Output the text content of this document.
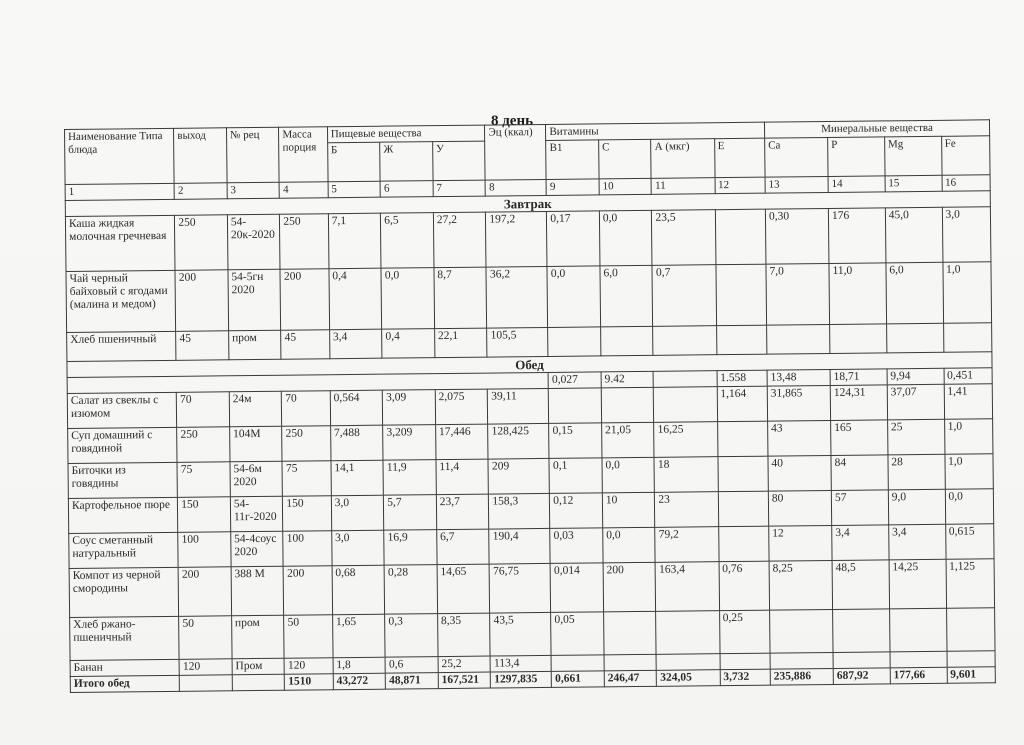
8 день
Наименование Типа блюда	выход	№ рец	Масса порция	Пищевые вещества			Эц (ккал)	Витамины				Минеральные вещества			
				Б	Ж	У		В1	С	А (мкг)	Е	Са	Р	Mg	Fe

1	2	3	4	5	6	7	8	9	10	11	12	13	14	15	16
Завтрак															
Каша жидкая молочная гречневая	250	54-20к-2020	250	7,1	6,5	27,2	197,2	0,17	0,0	23,5		0,30	176	45,0	3,0
Чай черный байховый с ягодами (малина и медом)	200	54-5гн 2020	200	0,4	0,0	8,7	36,2	0,0	6,0	0,7		7,0	11,0	6,0	1,0
Хлеб пшеничный	45	пром	45	3,4	0,4	22,1	105,5								
Обед															
								0,027	9.42		1.558	13,48	18,71	9,94	0,451
Салат из свеклы с изюмом	70	24м	70	0,564	3,09	2,075	39,11				1,164	31,865	124,31	37,07	1,41
Суп домашний с говядиной	250	104М	250	7,488	3,209	17,446	128,425	0,15	21,05	16,25		43	165	25	1,0
Биточки из говядины	75	54-6м 2020	75	14,1	11,9	11,4	209	0,1	0,0	18		40	84	28	1,0
Картофельное пюре	150	54-11г-2020	150	3,0	5,7	23,7	158,3	0,12	10	23		80	57	9,0	0,0
Соус сметанный натуральный	100	54-4соус 2020	100	3,0	16,9	6,7	190,4	0,03	0,0	79,2		12	3,4	3,4	0,615
Компот из черной смородины	200	388 М	200	0,68	0,28	14,65	76,75	0,014	200	163,4	0,76	8,25	48,5	14,25	1,125
Хлеб ржано-пшеничный	50	пром	50	1,65	0,3	8,35	43,5	0,05			0,25				
Банан	120	Пром	120	1,8	0,6	25,2	113,4								
Итого обед			1510	43,272	48,871	167,521	1297,835	0,661	246,47	324,05	3,732	235,886	687,92	177,66	9,601
